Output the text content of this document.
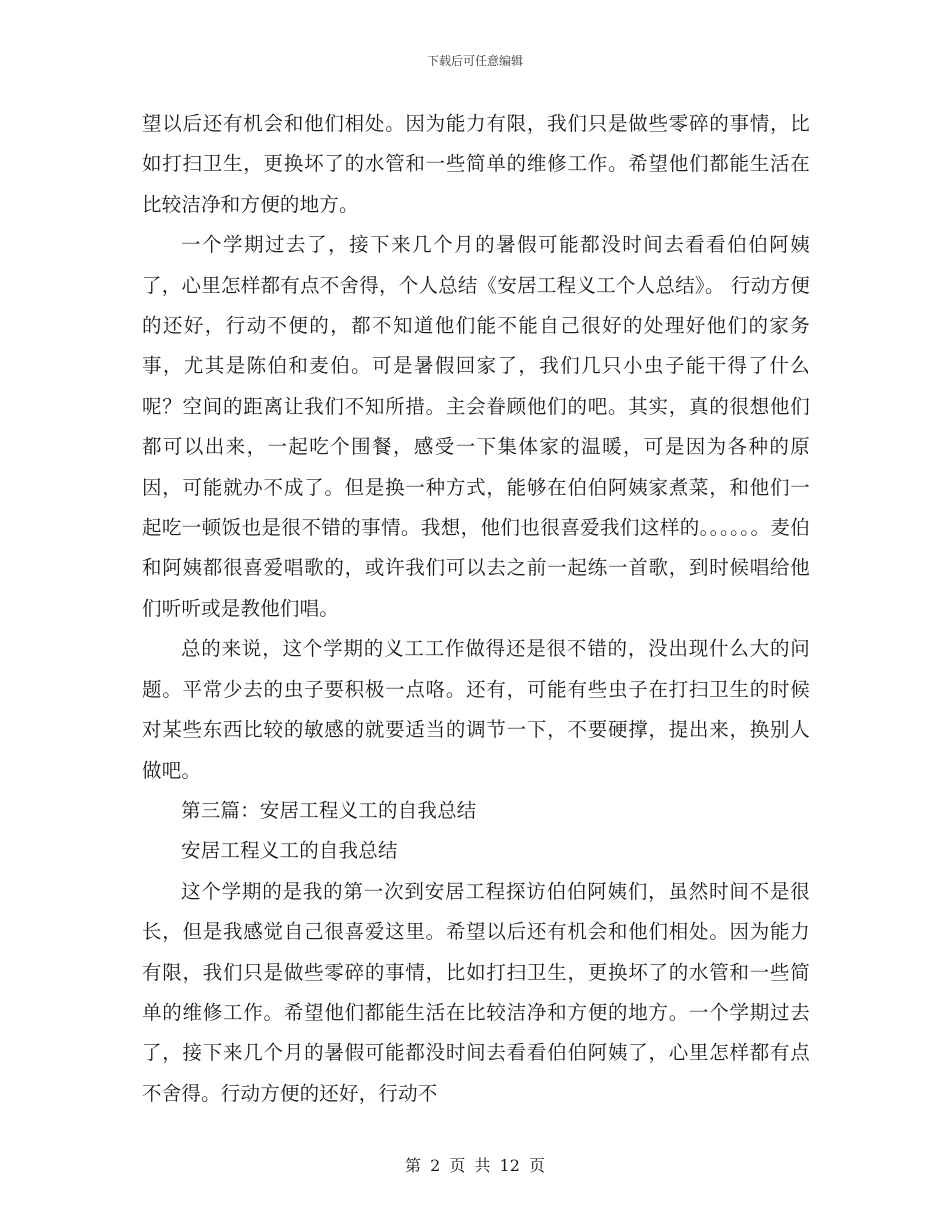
下载后可任意编辑

望以后还有机会和他们相处。因为能力有限，我们只是做些零碎的事情，比如打扫卫生，更换坏了的水管和一些简单的维修工作。希望他们都能生活在比较洁净和方便的地方。

一个学期过去了，接下来几个月的暑假可能都没时间去看看伯伯阿姨了，心里怎样都有点不舍得，个人总结《安居工程义工个人总结》。 行动方便的还好，行动不便的，都不知道他们能不能自己很好的处理好他们的家务事，尤其是陈伯和麦伯。可是暑假回家了，我们几只小虫子能干得了什么呢？空间的距离让我们不知所措。主会眷顾他们的吧。其实，真的很想他们都可以出来，一起吃个围餐，感受一下集体家的温暖，可是因为各种的原因，可能就办不成了。但是换一种方式，能够在伯伯阿姨家煮菜，和他们一起吃一顿饭也是很不错的事情。我想，他们也很喜爱我们这样的。。。。。。麦伯和阿姨都很喜爱唱歌的，或许我们可以去之前一起练一首歌，到时候唱给他们听听或是教他们唱。

总的来说，这个学期的义工工作做得还是很不错的，没出现什么大的问题。平常少去的虫子要积极一点咯。还有，可能有些虫子在打扫卫生的时候对某些东西比较的敏感的就要适当的调节一下，不要硬撑，提出来，换别人做吧。

第三篇：安居工程义工的自我总结

安居工程义工的自我总结

这个学期的是我的第一次到安居工程探访伯伯阿姨们，虽然时间不是很长，但是我感觉自己很喜爱这里。希望以后还有机会和他们相处。因为能力有限，我们只是做些零碎的事情，比如打扫卫生，更换坏了的水管和一些简单的维修工作。希望他们都能生活在比较洁净和方便的地方。一个学期过去了，接下来几个月的暑假可能都没时间去看看伯伯阿姨了，心里怎样都有点不舍得。行动方便的还好，行动不

第 2 页 共 12 页
